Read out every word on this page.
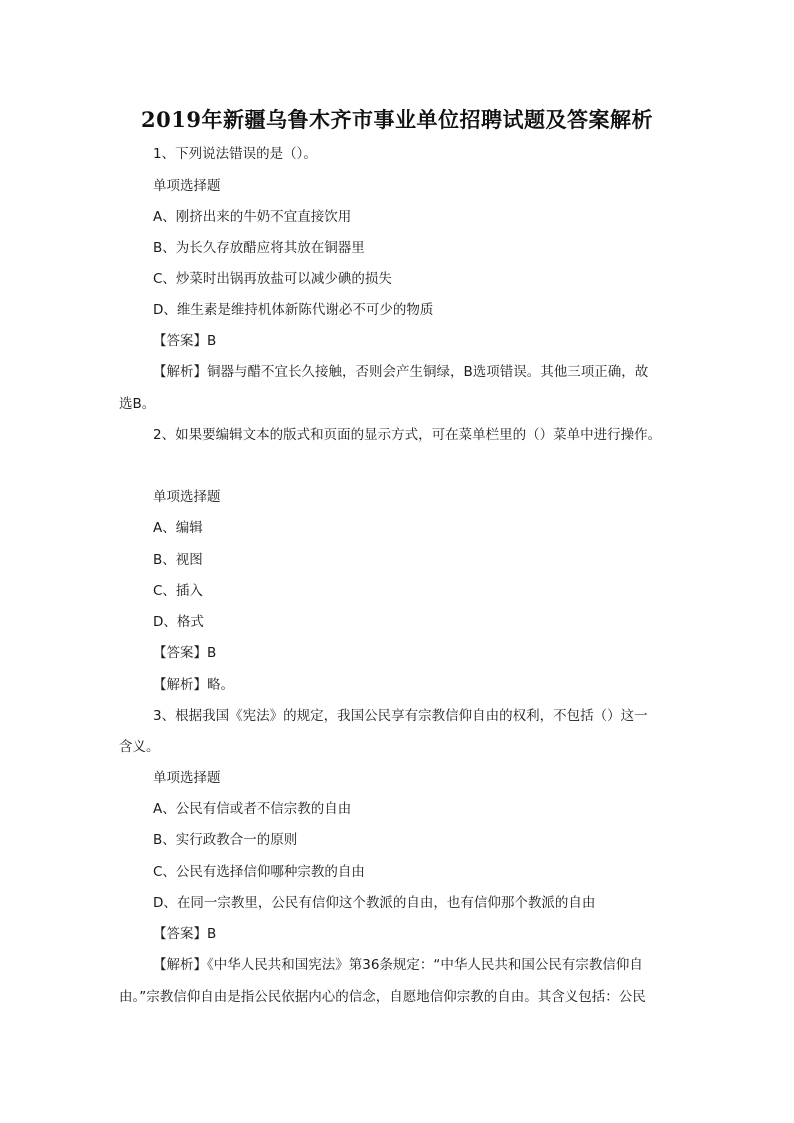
2019年新疆乌鲁木齐市事业单位招聘试题及答案解析
1、下列说法错误的是（）。
单项选择题
A、刚挤出来的牛奶不宜直接饮用
B、为长久存放醋应将其放在铜器里
C、炒菜时出锅再放盐可以减少碘的损失
D、维生素是维持机体新陈代谢必不可少的物质
【答案】B
【解析】铜器与醋不宜长久接触，否则会产生铜绿，B选项错误。其他三项正确，故
选B。
2、如果要编辑文本的版式和页面的显示方式，可在菜单栏里的（）菜单中进行操作。
单项选择题
A、编辑
B、视图
C、插入
D、格式
【答案】B
【解析】略。
3、根据我国《宪法》的规定，我国公民享有宗教信仰自由的权利，不包括（）这一
含义。
单项选择题
A、公民有信或者不信宗教的自由
B、实行政教合一的原则
C、公民有选择信仰哪种宗教的自由
D、在同一宗教里，公民有信仰这个教派的自由，也有信仰那个教派的自由
【答案】B
【解析】《中华人民共和国宪法》第36条规定：“中华人民共和国公民有宗教信仰自
由。”宗教信仰自由是指公民依据内心的信念，自愿地信仰宗教的自由。其含义包括：公民
